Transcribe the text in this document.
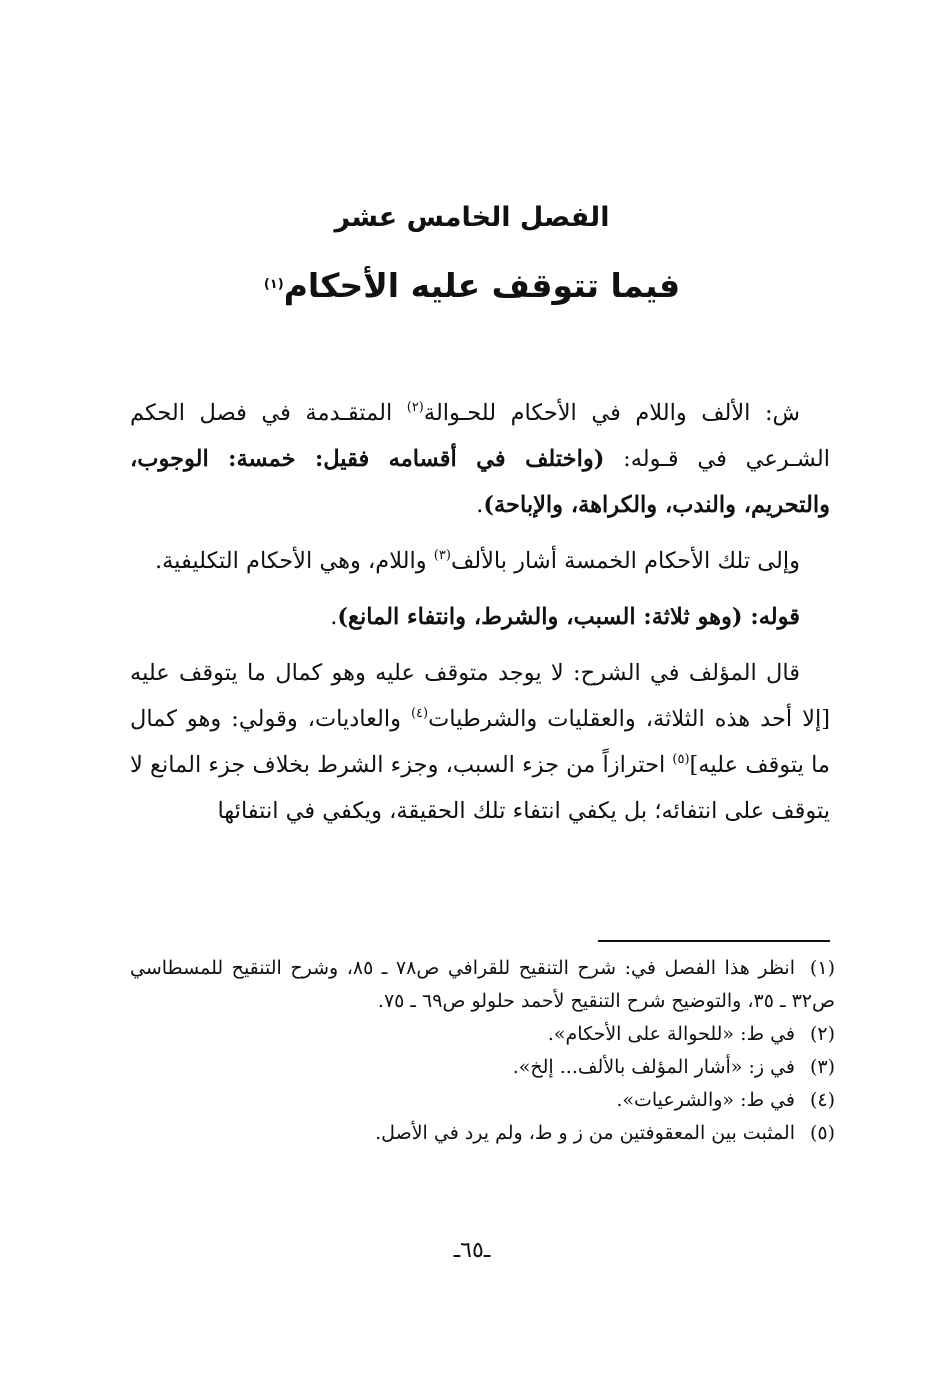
الفصل الخامس عشر
فيما تتوقف عليه الأحكام$^{(١)}$

ش: الألف واللام في الأحكام للحـوالة$^{(٢)}$ المتقـدمة في فصل الحكم الشـرعي في قـوله: (واختلف في أقسامه فقيل: خمسة: الوجوب، والتحريم، والندب، والكراهة، والإباحة).

وإلى تلك الأحكام الخمسة أشار بالألف$^{(٣)}$ واللام، وهي الأحكام التكليفية.

قوله: (وهو ثلاثة: السبب، والشرط، وانتفاء المانع).

قال المؤلف في الشرح: لا يوجد متوقف عليه وهو كمال ما يتوقف عليه [إلا أحد هذه الثلاثة، والعقليات والشرطيات$^{(٤)}$ والعاديات، وقولي: وهو كمال ما يتوقف عليه]$^{(٥)}$ احترازاً من جزء السبب، وجزء الشرط بخلاف جزء المانع لا يتوقف على انتفائه؛ بل يكفي انتفاء تلك الحقيقة، ويكفي في انتفائها

(١)انظر هذا الفصل في: شرح التنقيح للقرافي ص٧٨ ـ ٨٥، وشرح التنقيح للمسطاسي ص٣٢ ـ ٣٥، والتوضيح شرح التنقيح لأحمد حلولو ص٦٩ ـ ٧٥.

(٢)في ط: «للحوالة على الأحكام».

(٣)في ز: «أشار المؤلف بالألف... إلخ».

(٤)في ط: «والشرعيات».

(٥)المثبت بين المعقوفتين من ز و ط، ولم يرد في الأصل.

ـ٦٥ـ
